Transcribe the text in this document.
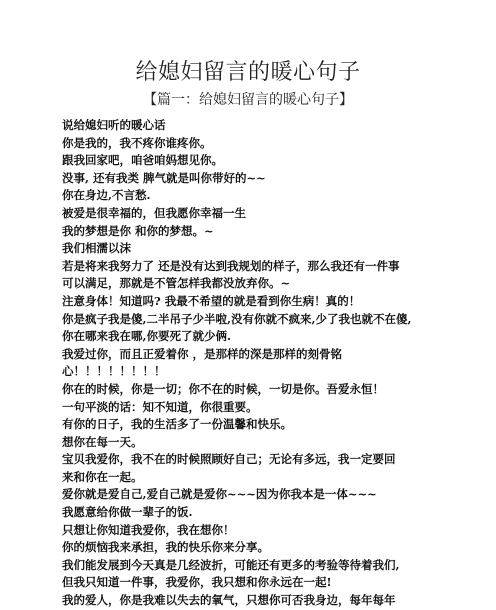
给媳妇留言的暖心句子
【篇一：给媳妇留言的暖心句子】
说给媳妇听的暖心话
你是我的，我不疼你谁疼你。
跟我回家吧，咱爸咱妈想见你。
没事, 还有我类 脾气就是叫你带好的~~
你在身边,不言愁.
被爱是很幸福的，但我愿你幸福一生
我的梦想是你 和你的梦想。~
我们相濡以沫
若是将来我努力了 还是没有达到我规划的样子，那么我还有一件事
可以满足，那就是不管怎样我都没放弃你。~
注意身体！知道吗? 我最不希望的就是看到你生病！真的！
你是疯子我是傻,二半吊子少半啦,没有你就不疯来,少了我也就不在傻,
你在哪来我在哪,你要死了就少俩.
我爱过你，而且正爱着你 ，是那样的深是那样的刻骨铭
心！！！！！！！！
你在的时候，你是一切；你不在的时候，一切是你。吾爱永恒！
一句平淡的话：知不知道，你很重要。
有你的日子，我的生活多了一份温馨和快乐。
想你在每一天。
宝贝我爱你，我不在的时候照顾好自己；无论有多远，我一定要回
来和你在一起。
爱你就是爱自己,爱自己就是爱你~~~因为你我本是一体~~~
我愿意给你做一辈子的饭.
只想让你知道我爱你，我在想你！
你的烦恼我来承担，我的快乐你来分享。
我们能发展到今天真是几经波折，可能还有更多的考验等待着我们,
但我只知道一件事，我爱你，我只想和你永远在一起!
我的爱人，你是我难以失去的氧气，只想你可否我身边，每年每年
